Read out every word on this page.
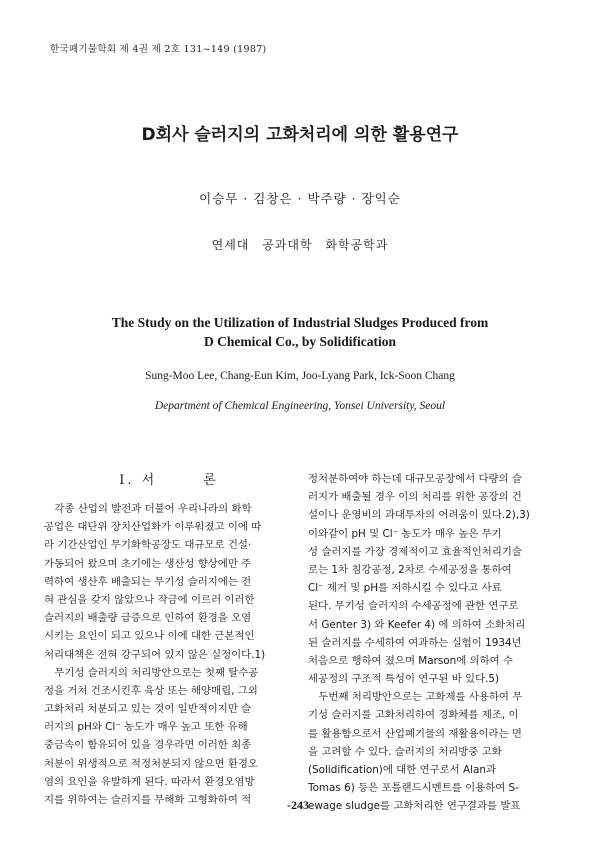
한국폐기물학회 제 4권 제 2호 131~149 (1987)
D회사 슬러지의 고화처리에 의한 활용연구
이승무 · 김창은 · 박주량 · 장익순
연세대 공과대학 화학공학과
The Study on the Utilization of Industrial Sludges Produced from
D Chemical Co., by Solidification
Sung-Moo Lee, Chang-Eun Kim, Joo-Lyang Park, Ick-Soon Chang
Department of Chemical Engineering, Yonsei University, Seoul
I. 서	론
　각종 산업의 발전과 더불어 우리나라의 화학
공업은 대단위 장치산업화가 이루워졌고 이에 따
라 기간산업인 무기화학공장도 대규모로 건설·
가동되어 왔으며 초기에는 생산성 향상에만 주
력하여 생산후 배출되는 무기성 슬러지에는 전
혀 관심을 갖지 않았으나 작금에 이르러 이러한
슬러지의 배출량 급증으로 인하여 환경을 오염
시키는 요인이 되고 있으나 이에 대한 근본적인
처리대책은 전혀 강구되어 있지 않은 실정이다.1)
　무기성 슬러지의 처리방안으로는 첫째 탈수공
정을 거쳐 건조시킨후 육상 또는 해양매립, 그외
고화처리 처분되고 있는 것이 일반적이지만 슬
러지의 pH와 Cl⁻ 농도가 매우 높고 또한 유해
중금속이 함유되어 있을 경우라면 이러한 최종
처분이 위생적으로 적정처분되지 않으면 환경오
염의 요인을 유발하게 된다. 따라서 환경오염방
지를 위하여는 슬러지를 무해화 고형화하여 적
정처분하여야 하는데 대규모공장에서 다량의 슬
러지가 배출될 경우 이의 처리를 위한 공장의 건
설이나 운영비의 과대투자의 어려움이 있다.2),3)
이와같이 pH 및 Cl⁻ 농도가 매우 높은 무기
성 슬러지를 가장 경제적이고 효율적인처리기술
로는 1차 침강공정, 2차로 수세공정을 통하여
Cl⁻ 제거 및 pH를 저하시킬 수 있다고 사료
된다. 무기성 슬러지의 수세공정에 관한 연구로
서 Genter 3) 와 Keefer 4) 에 의하여 소화처리
된 슬러지를 수세하여 여과하는 실험이 1934년
처음으로 행하여 졌으며 Marson에 의하여 수
세공정의 구조적 특성이 연구된 바 있다.5)
　두번째 처리방안으로는 고화제를 사용하여 무
기성 슬러지를 고화처리하여 경화체를 제조, 이
를 활용함으로서 산업폐기물의 재활용이라는 면
을 고려할 수 있다. 슬러지의 처리방중 고화
(Solidification)에 대한 연구로서 Alan과
Tomas 6) 등은 포틀랜드시멘트를 이용하여 S-
ewage sludge를 고화처리한 연구결과를 발표
-243-
